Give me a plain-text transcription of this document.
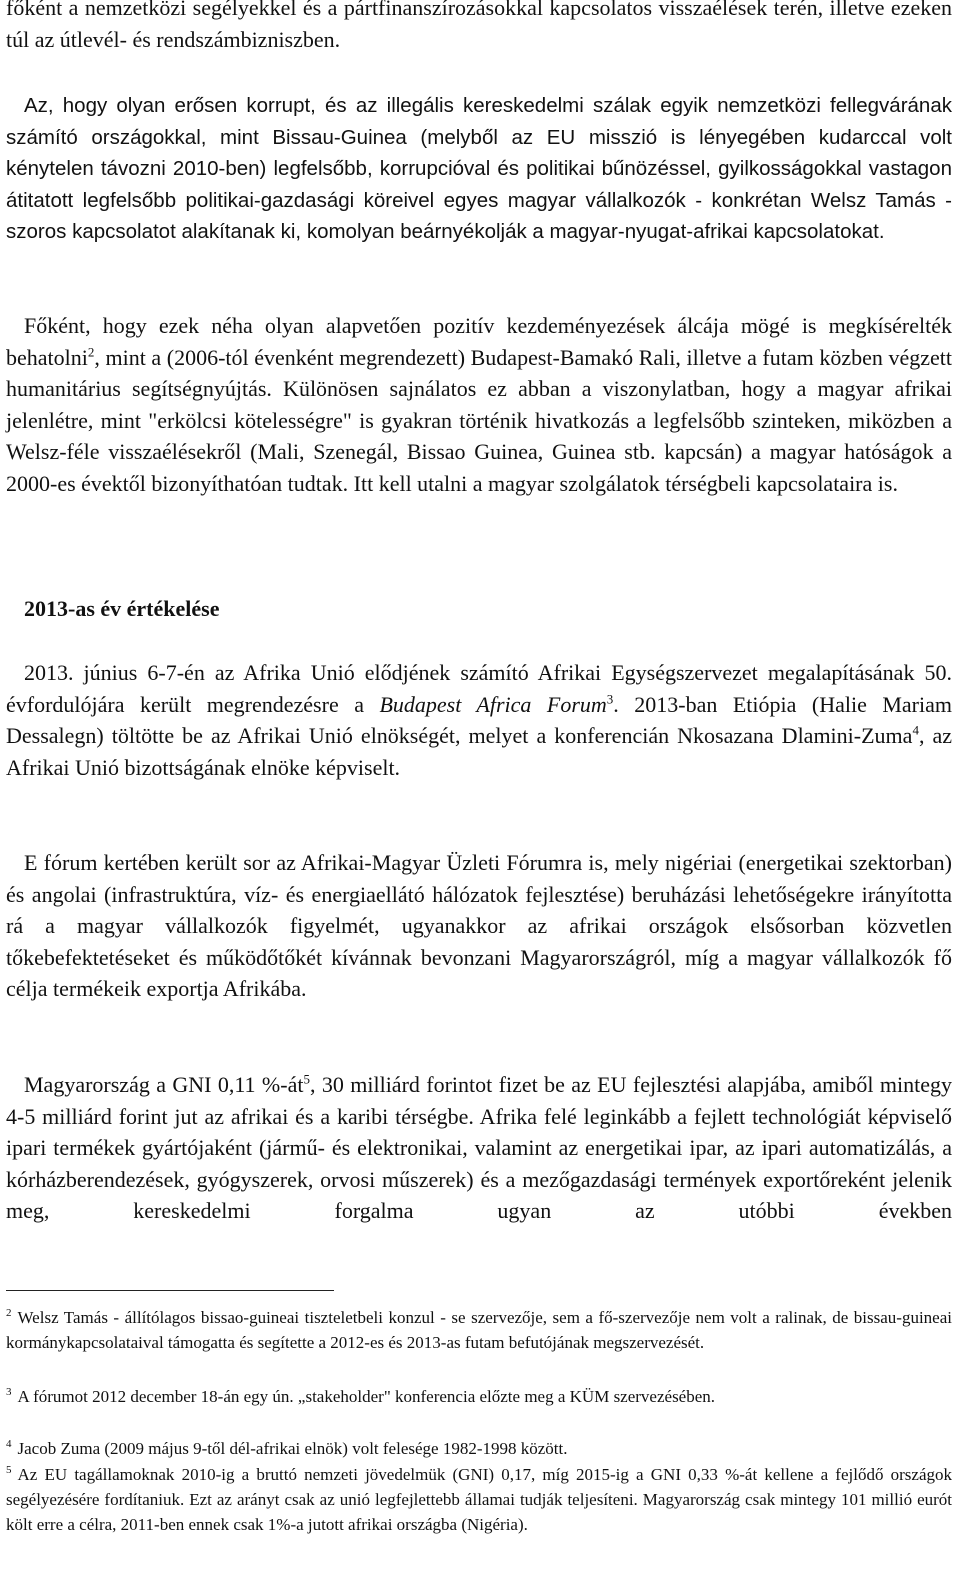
főként a nemzetközi segélyekkel és a pártfinanszírozásokkal kapcsolatos visszaélések terén, illetve ezeken túl az útlevél- és rendszámbizniszben.

Az, hogy olyan erősen korrupt, és az illegális kereskedelmi szálak egyik nemzetközi fellegvárának számító országokkal, mint Bissau-Guinea (melyből az EU misszió is lényegében kudarccal volt kénytelen távozni 2010-ben) legfelsőbb, korrupcióval és politikai bűnözéssel, gyilkosságokkal vastagon átitatott legfelsőbb politikai-gazdasági köreivel egyes magyar vállalkozók - konkrétan Welsz Tamás - szoros kapcsolatot alakítanak ki, komolyan beárnyékolják a magyar-nyugat-afrikai kapcsolatokat.

Főként, hogy ezek néha olyan alapvetően pozitív kezdeményezések álcája mögé is megkísérelték behatolni$^2$, mint a (2006-tól évenként megrendezett) Budapest-Bamakó Rali, illetve a futam közben végzett humanitárius segítségnyújtás. Különösen sajnálatos ez abban a viszonylatban, hogy a magyar afrikai jelenlétre, mint "erkölcsi kötelességre" is gyakran történik hivatkozás a legfelsőbb szinteken, miközben a Welsz-féle visszaélésekről (Mali, Szenegál, Bissao Guinea, Guinea stb. kapcsán) a magyar hatóságok a 2000-es évektől bizonyíthatóan tudtak. Itt kell utalni a magyar szolgálatok térségbeli kapcsolataira is.

2013-as év értékelése

2013. június 6-7-én az Afrika Unió elődjének számító Afrikai Egységszervezet megalapításának 50. évfordulójára került megrendezésre a Budapest Africa Forum$^3$. 2013-ban Etiópia (Halie Mariam Dessalegn) töltötte be az Afrikai Unió elnökségét, melyet a konferencián Nkosazana Dlamini-Zuma$^4$, az Afrikai Unió bizottságának elnöke képviselt.

E fórum kertében került sor az Afrikai-Magyar Üzleti Fórumra is, mely nigériai (energetikai szektorban) és angolai (infrastruktúra, víz- és energiaellátó hálózatok fejlesztése) beruházási lehetőségekre irányította rá a magyar vállalkozók figyelmét, ugyanakkor az afrikai országok elsősorban közvetlen tőkebefektetéseket és működőtőkét kívánnak bevonzani Magyarországról, míg a magyar vállalkozók fő célja termékeik exportja Afrikába.

Magyarország a GNI 0,11 $\%-át^5$, 30 milliárd forintot fizet be az EU fejlesztési alapjába, amiből mintegy 4-5 milliárd forint jut az afrikai és a karibi térségbe. Afrika felé leginkább a fejlett technológiát képviselő ipari termékek gyártójaként (jármű- és elektronikai, valamint az energetikai ipar, az ipari automatizálás, a kórházberendezések, gyógyszerek, orvosi műszerek) és a mezőgazdasági termények exportőreként jelenik meg, kereskedelmi forgalma ugyan az utóbbi években

$^2$ Welsz Tamás - állítólagos bissao-guineai tiszteletbeli konzul - se szervezője, sem a fő-szervezője nem volt a ralinak, de bissau-guineai kormánykapcsolataival támogatta és segítette a 2012-es és 2013-as futam befutójának megszervezését.

$^3$ A fórumot 2012 december 18-án egy ún. „stakeholder" konferencia előzte meg a KÜM szervezésében.

$^4$ Jacob Zuma (2009 május 9-től dél-afrikai elnök) volt felesége 1982-1998 között.

$^5$ Az EU tagállamoknak 2010-ig a bruttó nemzeti jövedelmük (GNI) 0,17, míg 2015-ig a GNI 0,33 %-át kellene a fejlődő országok segélyezésére fordítaniuk. Ezt az arányt csak az unió legfejlettebb államai tudják teljesíteni. Magyarország csak mintegy 101 millió eurót költ erre a célra, 2011-ben ennek csak 1%-a jutott afrikai országba (Nigéria).
